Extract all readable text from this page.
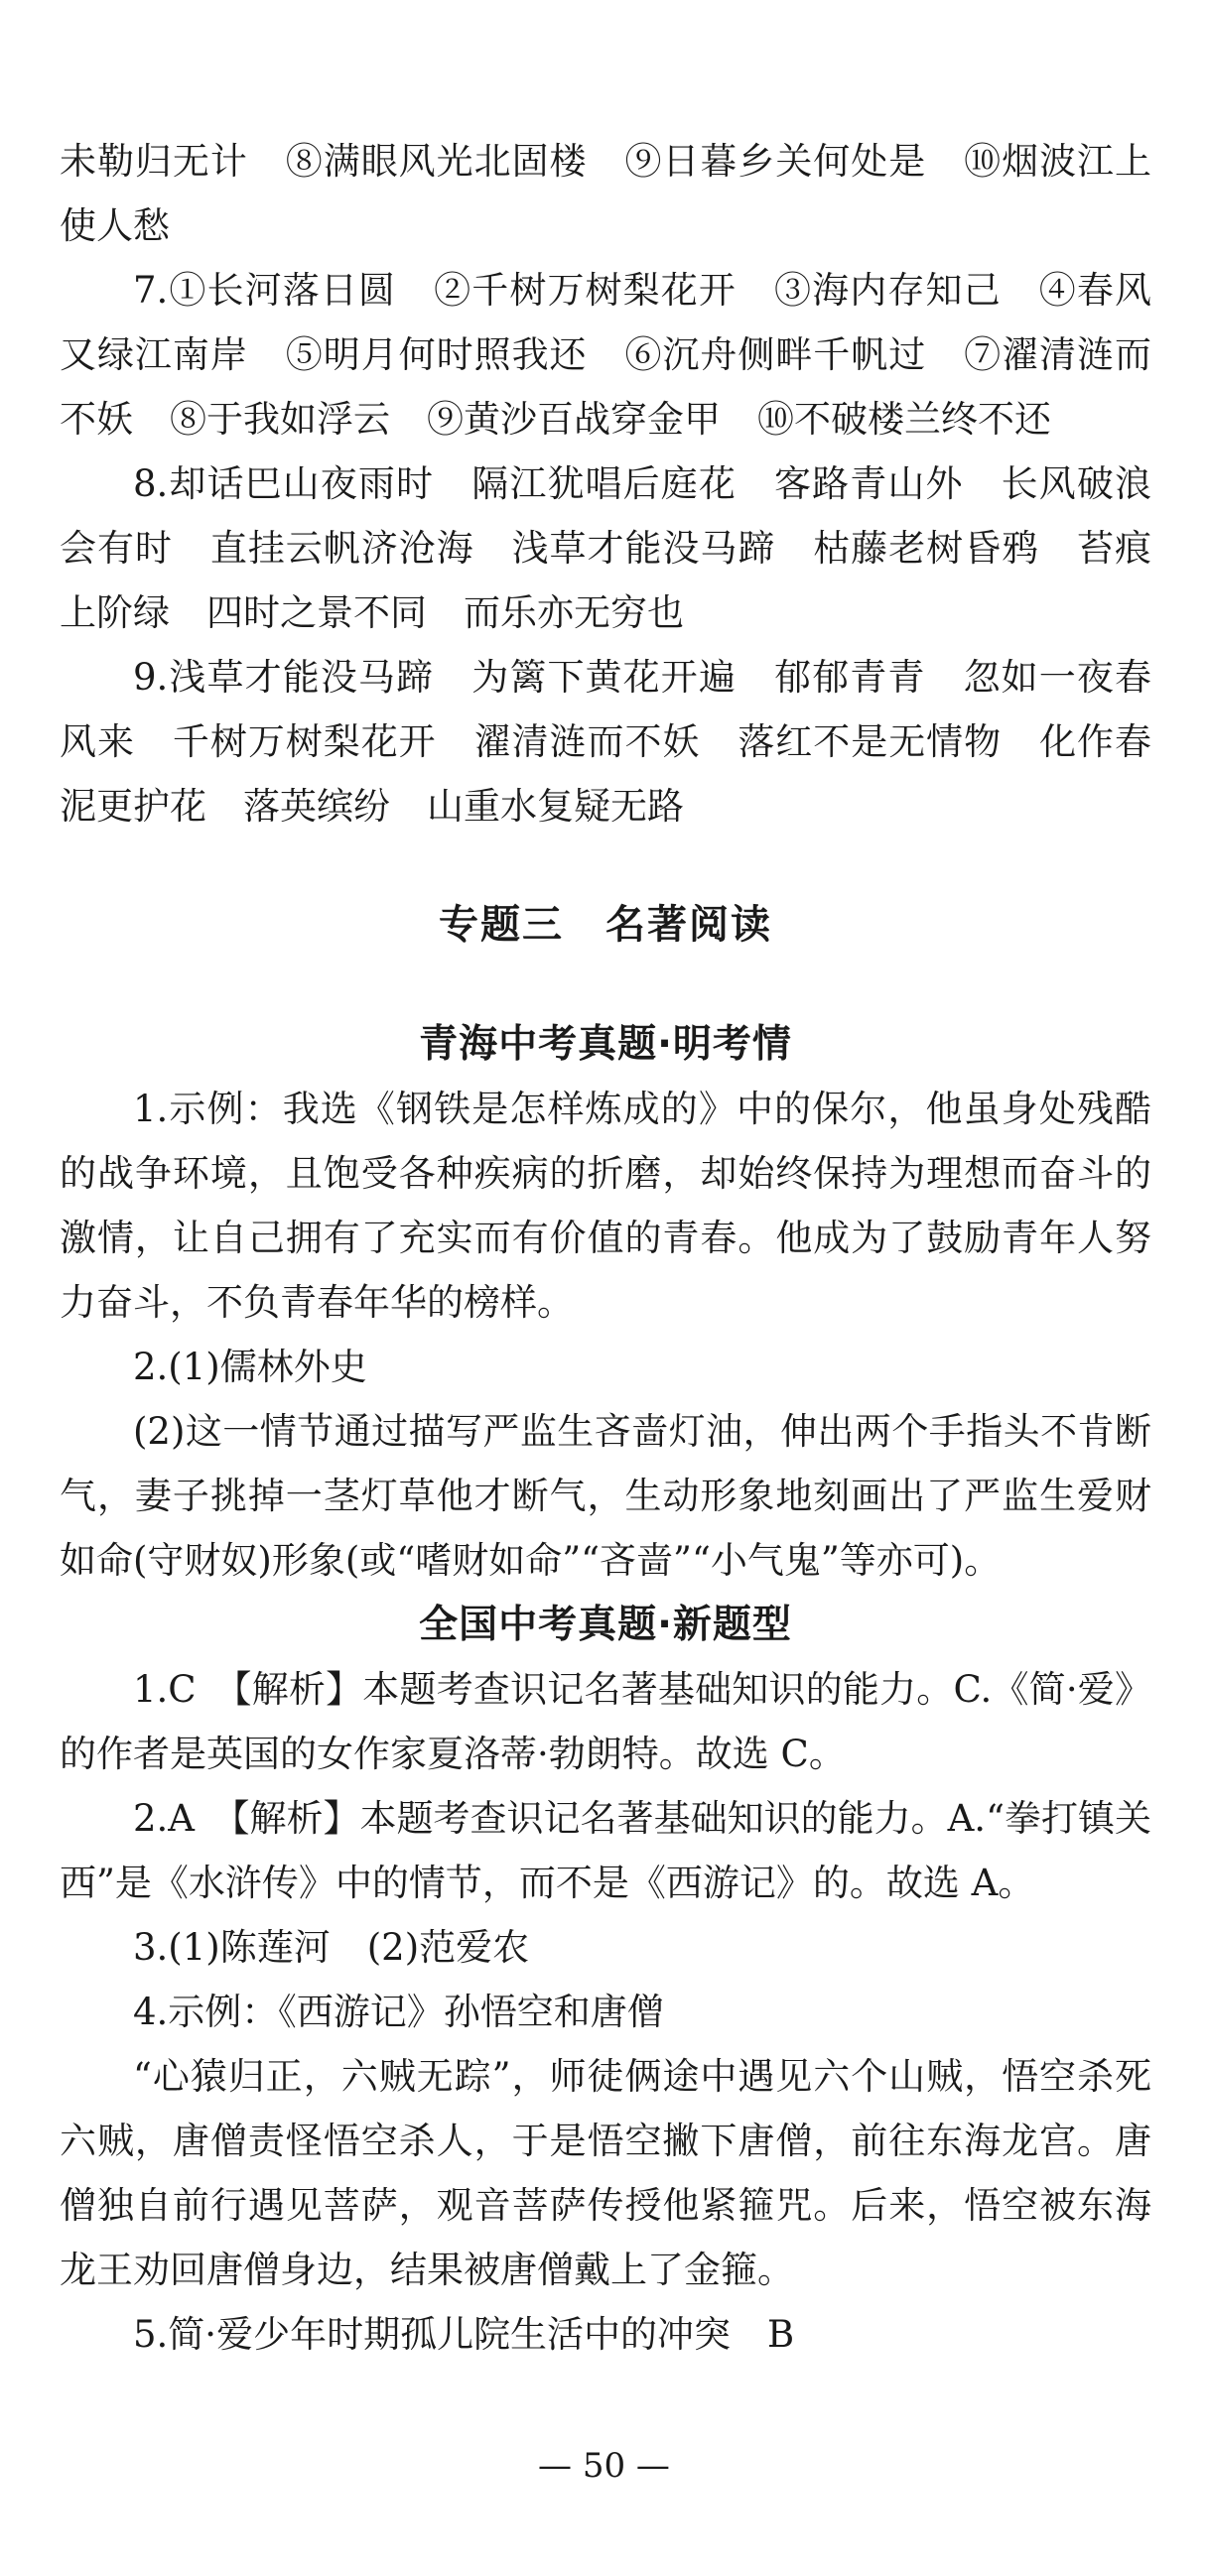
未勒归无计　⑧满眼风光北固楼　⑨日暮乡关何处是　⑩烟波江上使人愁

7.①长河落日圆　②千树万树梨花开　③海内存知己　④春风又绿江南岸　⑤明月何时照我还　⑥沉舟侧畔千帆过　⑦濯清涟而不妖　⑧于我如浮云　⑨黄沙百战穿金甲　⑩不破楼兰终不还

8.却话巴山夜雨时　隔江犹唱后庭花　客路青山外　长风破浪会有时　直挂云帆济沧海　浅草才能没马蹄　枯藤老树昏鸦　苔痕上阶绿　四时之景不同　而乐亦无穷也

9.浅草才能没马蹄　为篱下黄花开遍　郁郁青青　忽如一夜春风来　千树万树梨花开　濯清涟而不妖　落红不是无情物　化作春泥更护花　落英缤纷　山重水复疑无路

专题三　名著阅读

青海中考真题·明考情

1.示例：我选《钢铁是怎样炼成的》中的保尔，他虽身处残酷的战争环境，且饱受各种疾病的折磨，却始终保持为理想而奋斗的激情，让自己拥有了充实而有价值的青春。他成为了鼓励青年人努力奋斗，不负青春年华的榜样。

2.(1)儒林外史

(2)这一情节通过描写严监生吝啬灯油，伸出两个手指头不肯断气，妻子挑掉一茎灯草他才断气，生动形象地刻画出了严监生爱财如命(守财奴)形象(或“嗜财如命”“吝啬”“小气鬼”等亦可)。

全国中考真题·新题型

1.C　【解析】本题考查识记名著基础知识的能力。C.《简·爱》的作者是英国的女作家夏洛蒂·勃朗特。故选 C。

2.A　【解析】本题考查识记名著基础知识的能力。A.“拳打镇关西”是《水浒传》中的情节，而不是《西游记》的。故选 A。

3.(1)陈莲河　(2)范爱农

4.示例：《西游记》孙悟空和唐僧

“心猿归正，六贼无踪”，师徒俩途中遇见六个山贼，悟空杀死六贼，唐僧责怪悟空杀人，于是悟空撇下唐僧，前往东海龙宫。唐僧独自前行遇见菩萨，观音菩萨传授他紧箍咒。后来，悟空被东海龙王劝回唐僧身边，结果被唐僧戴上了金箍。

5.简·爱少年时期孤儿院生活中的冲突　B

— 50 —
